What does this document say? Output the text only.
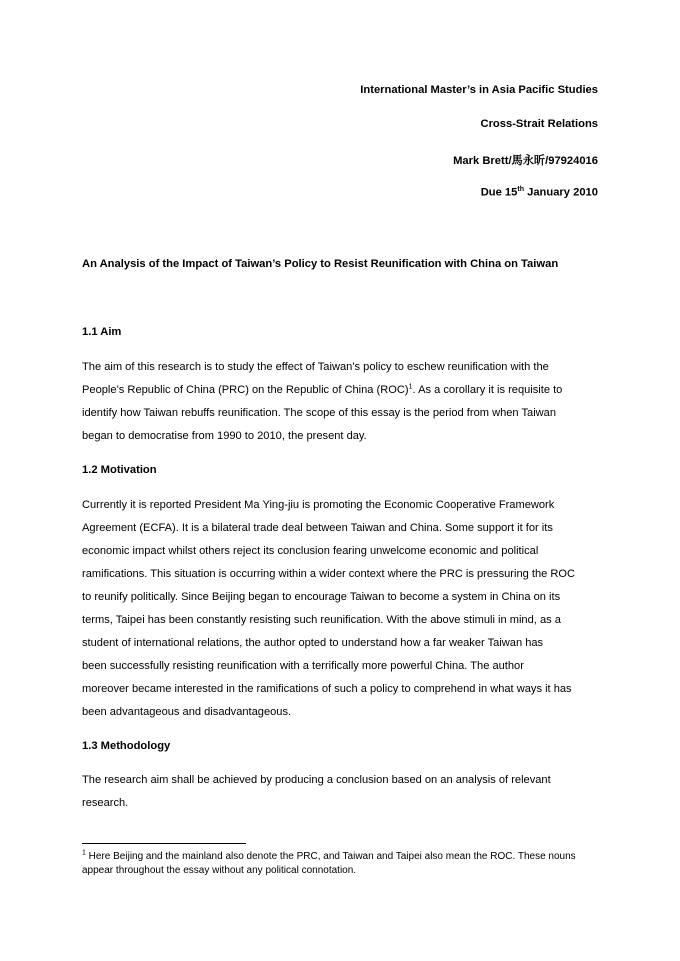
International Master’s in Asia Pacific Studies
Cross-Strait Relations
Mark Brett/馬永昕/97924016
Due 15th January 2010
An Analysis of the Impact of Taiwan’s Policy to Resist Reunification with China on Taiwan
1.1 Aim
The aim of this research is to study the effect of Taiwan’s policy to eschew reunification with the
People’s Republic of China (PRC) on the Republic of China (ROC)$^1$. As a corollary it is requisite to
identify how Taiwan rebuffs reunification. The scope of this essay is the period from when Taiwan
began to democratise from 1990 to 2010, the present day.
1.2 Motivation
Currently it is reported President Ma Ying-jiu is promoting the Economic Cooperative Framework
Agreement (ECFA). It is a bilateral trade deal between Taiwan and China. Some support it for its
economic impact whilst others reject its conclusion fearing unwelcome economic and political
ramifications. This situation is occurring within a wider context where the PRC is pressuring the ROC
to reunify politically. Since Beijing began to encourage Taiwan to become a system in China on its
terms, Taipei has been constantly resisting such reunification. With the above stimuli in mind, as a
student of international relations, the author opted to understand how a far weaker Taiwan has
been successfully resisting reunification with a terrifically more powerful China. The author
moreover became interested in the ramifications of such a policy to comprehend in what ways it has
been advantageous and disadvantageous.
1.3 Methodology
The research aim shall be achieved by producing a conclusion based on an analysis of relevant
research.
$^1$ Here Beijing and the mainland also denote the PRC, and Taiwan and Taipei also mean the ROC. These nouns
appear throughout the essay without any political connotation.
